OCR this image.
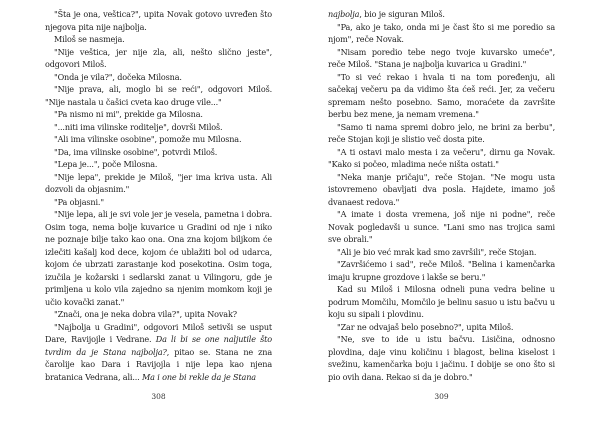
"Šta je ona, veštica?", upita Novak gotovo uvređen što njegova pita nije najbolja.

Miloš se nasmeja.

"Nije veštica, jer nije zla, ali, nešto slično jeste", odgovori Miloš.

"Onda je vila?", dočeka Milosna.

"Nije prava, ali, moglo bi se reći", odgovori Miloš. "Nije nastala u čašici cveta kao druge vile..."

"Pa nismo ni mi", prekide ga Milosna.

"...niti ima vilinske roditelje", dovrši Miloš.

"Ali ima vilinske osobine", pomože mu Milosna.

"Da, ima vilinske osobine", potvrdi Miloš.

"Lepa je...", poče Milosna.

"Nije lepa", prekide je Miloš, "jer ima kriva usta. Ali dozvoli da objasnim."

"Pa objasni."

"Nije lepa, ali je svi vole jer je vesela, pametna i dobra. Osim toga, nema bolje kuvarice u Gradini od nje i niko ne poznaje bilje tako kao ona. Ona zna kojom biljkom će izlečiti kašalj kod dece, kojom će ublažiti bol od udarca, kojom će ubrzati zarastanje kod posekotina. Osim toga, izučila je kožarski i sedlarski zanat u Vilingoru, gde je primljena u kolo vila zajedno sa njenim momkom koji je učio kovački zanat."

"Znači, ona je neka dobra vila?", upita Novak?

"Najbolja u Gradini", odgovori Miloš setivši se usput Dare, Ravijojle i Vedrane. Da li bi se one naljutile što tvrdim da je Stana najbolja?, pitao se. Stana ne zna čarolije kao Dara i Ravijojla i nije lepa kao njena bratanica Vedrana, ali... Ma i one bi rekle da je Stana

308

najbolja, bio je siguran Miloš.

"Pa, ako je tako, onda mi je čast što si me poredio sa njom", reče Novak.

"Nisam poredio tebe nego tvoje kuvarsko umeće", reče Miloš. "Stana je najbolja kuvarica u Gradini."

"To si već rekao i hvala ti na tom poređenju, ali sačekaj večeru pa da vidimo šta ćeš reći. Jer, za večeru spremam nešto posebno. Samo, moraćete da završite berbu bez mene, ja nemam vremena."

"Samo ti nama spremi dobro jelo, ne brini za berbu", reče Stojan koji je slistio več dosta pite.

"A ti ostavi malo mesta i za večeru", dirnu ga Novak. "Kako si počeo, mladima neće ništa ostati."

"Neka manje pričaju", reče Stojan. "Ne mogu usta istovremeno obavljati dva posla. Hajdete, imamo još dvanaest redova."

"A imate i dosta vremena, još nije ni podne", reče Novak pogledavši u sunce. "Lani smo nas trojica sami sve obrali."

"Ali je bio već mrak kad smo završili", reče Stojan.

"Završićemo i sad", reče Miloš. "Belina i kamenčarka imaju krupne grozdove i lakše se beru."

Kad su Miloš i Milosna odneli puna vedra beline u podrum Momčilu, Momčilo je belinu sasuo u istu bačvu u koju su sipali i plovdinu.

"Zar ne odvajaš belo posebno?", upita Miloš.

"Ne, sve to ide u istu bačvu. Lisičina, odnosno plovdina, daje vinu količinu i blagost, belina kiselost i svežinu, kamenčarka boju i jačinu. I dobije se ono što si pio ovih dana. Rekao si da je dobro."

309
